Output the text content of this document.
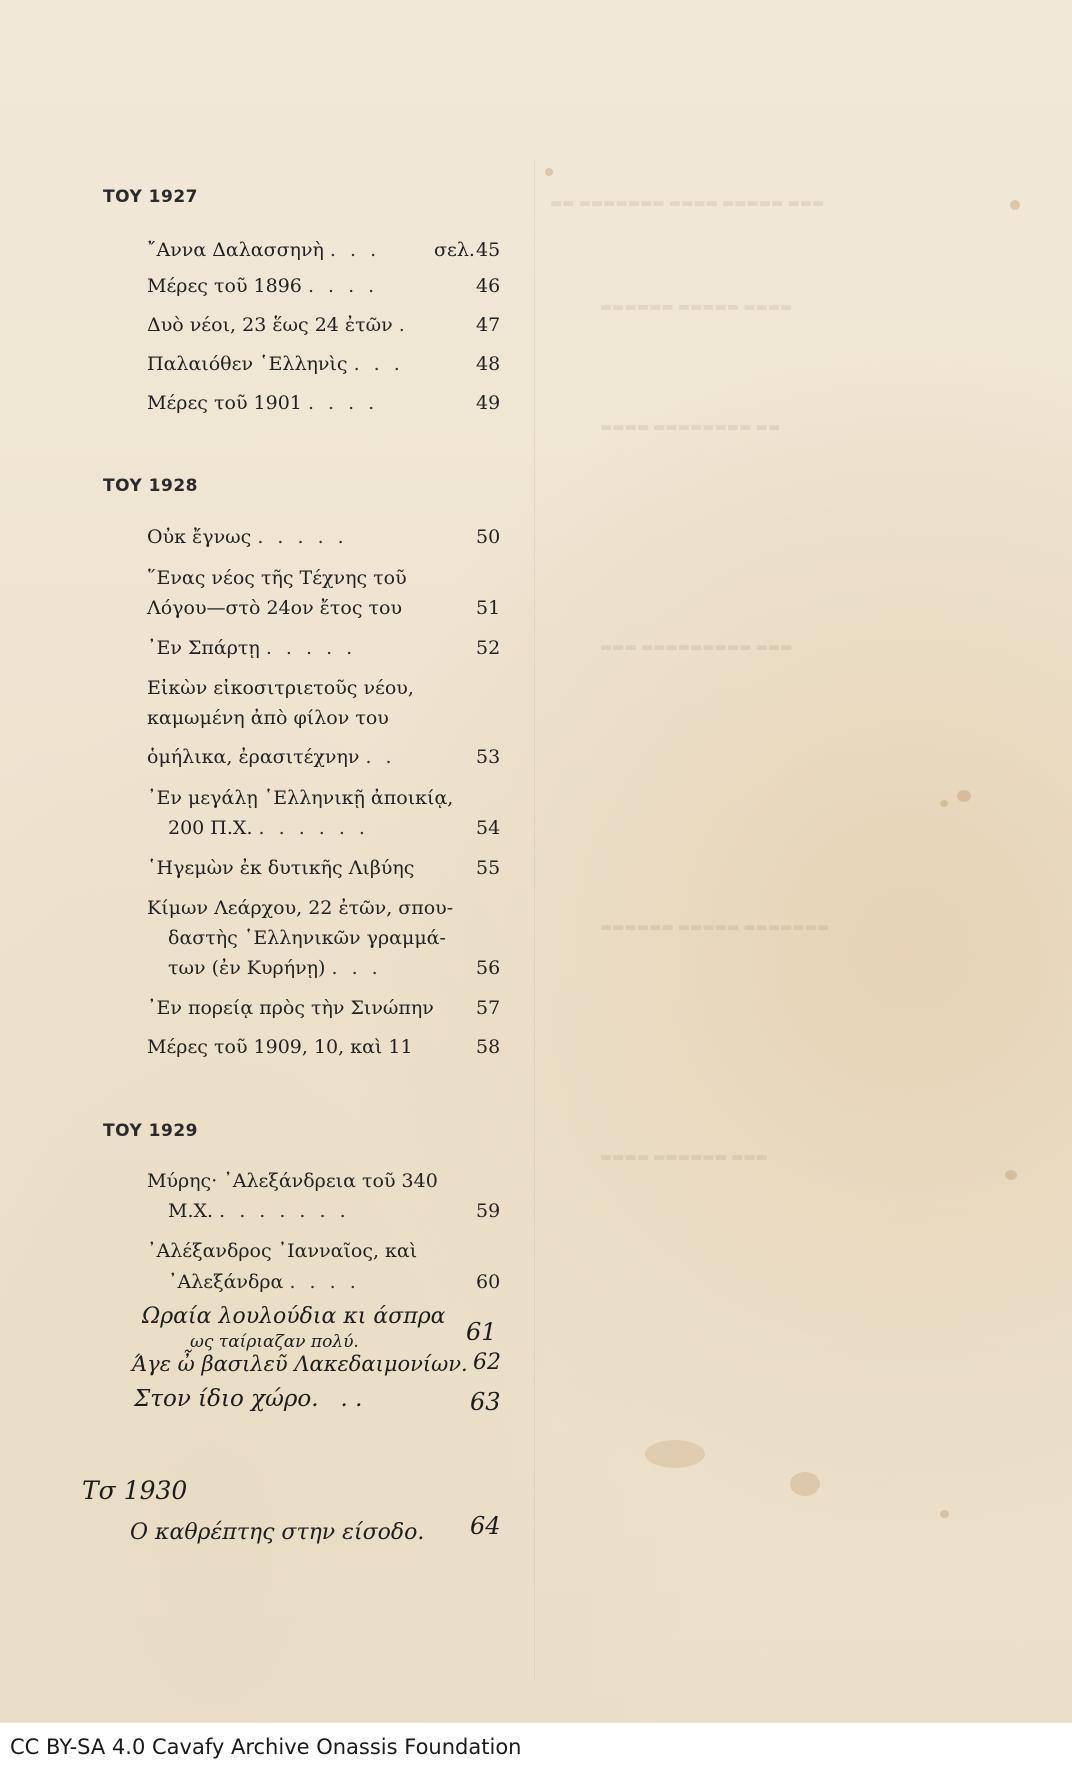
▬▬ ▬▬▬▬▬▬▬ ▬▬▬▬ ▬▬▬▬▬ ▬▬▬
▬▬▬▬▬▬ ▬▬▬▬▬ ▬▬▬▬
▬▬▬▬ ▬▬▬▬▬▬▬▬ ▬▬
▬▬▬ ▬▬▬▬▬▬▬▬▬ ▬▬▬
▬▬▬▬▬▬ ▬▬▬▬▬ ▬▬▬▬▬▬▬
▬▬▬▬ ▬▬▬▬▬▬ ▬▬▬
TOY 1927
῎Αννα Δαλασσηνὴ . . .	σελ. 45
Μέρες τοῦ 1896 . . . .	46
Δυὸ νέοι, 23 ἕως 24 ἐτῶν .	47
Παλαιόθεν ῾Ελληνὶς . . .	48
Μέρες τοῦ 1901 . . . .	49
TOY 1928
Οὐκ ἔγνως . . . . .	50
῞Ενας νέος τῆς Τέχνης τοῦ
Λόγου—στὸ 24ον ἔτος του	51
᾽Εν Σπάρτῃ . . . . .	52
Εἰκὼν εἰκοσιτριετοῦς νέου,
καμωμένη ἀπὸ φίλον του
ὁμήλικα, ἐρασιτέχνην . .	53
᾽Εν μεγάλῃ ῾Ελληνικῇ ἀποικίᾳ,
200 Π.Χ. . . . . . .	54
῾Ηγεμὼν ἐκ δυτικῆς Λιβύης	55
Κίμων Λεάρχου, 22 ἐτῶν, σπου-
δαστὴς ῾Ελληνικῶν γραμμά-
των (ἐν Κυρήνῃ) . . .	56
᾽Εν πορείᾳ πρὸς τὴν Σινώπην 57
Μέρες τοῦ 1909, 10, καὶ 11	58
TOY 1929
Μύρης· ᾽Αλεξάνδρεια τοῦ 340
Μ.Χ. . . . . . . .	59
᾽Αλέξανδρος ᾽Ιανναῖος, καὶ
᾽Αλεξάνδρα . . . .	60
Ωραία λουλούδια κι άσπρα
ως ταίριαζαν πολύ.	61
Άγε ὦ βασιλεῦ Λακεδαιμονίων. 62
Στον ίδιο χώρο. . .	63
Τσ 1930
Ο καθρέπτης στην είσοδο. 64
CC BY-SA 4.0 Cavafy Archive Onassis Foundation
